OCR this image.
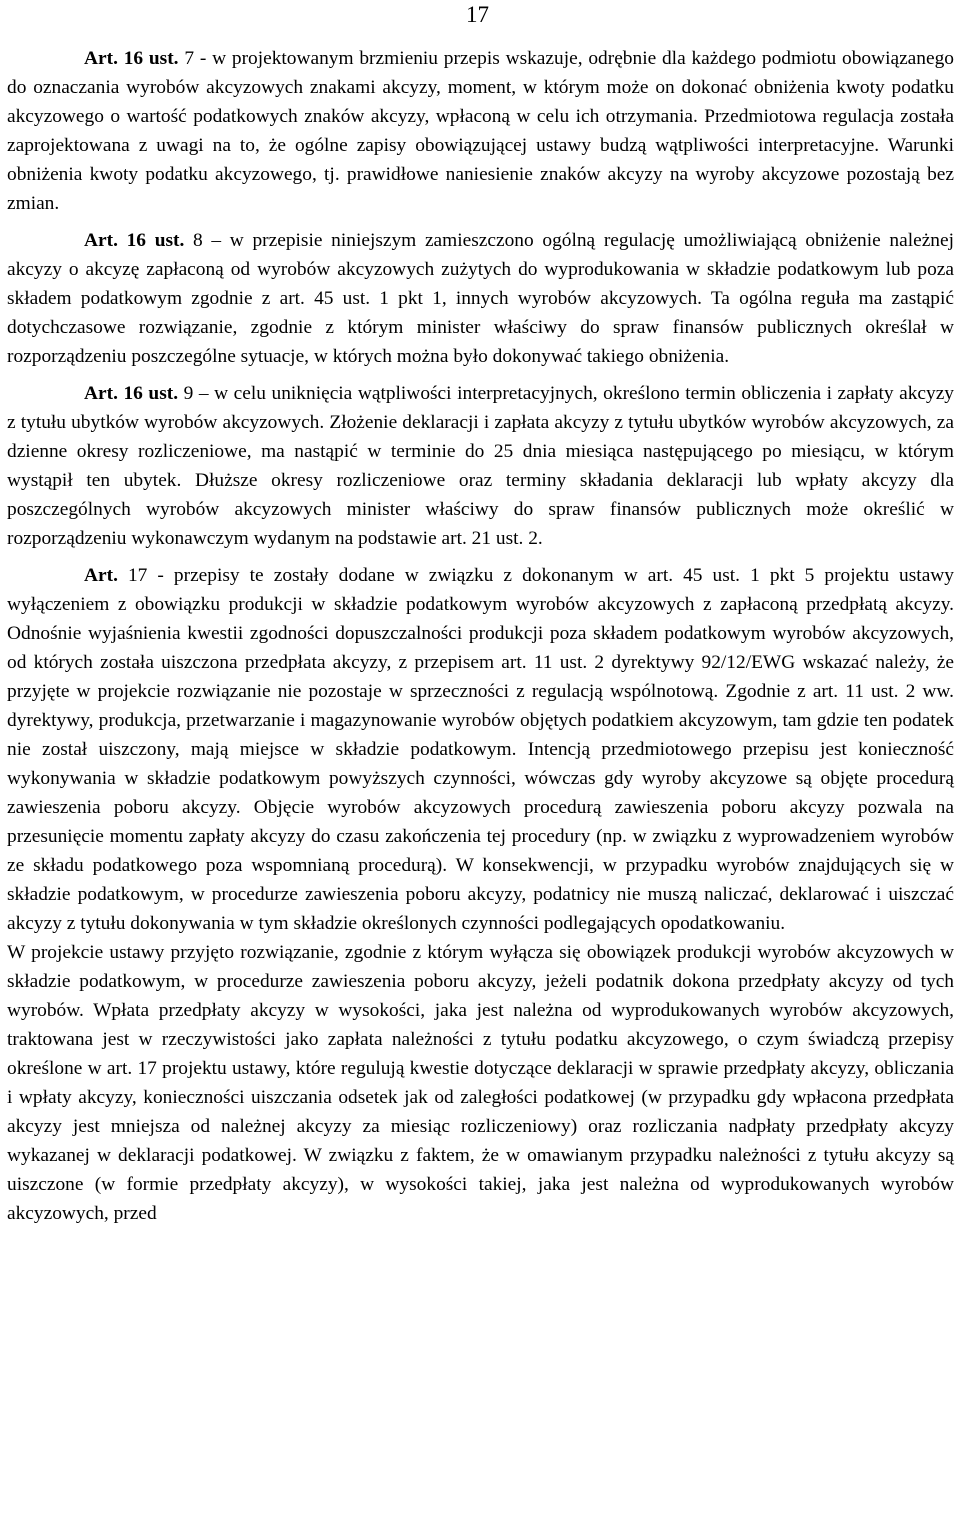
17

Art. 16 ust. 7 - w projektowanym brzmieniu przepis wskazuje, odrębnie dla każdego podmiotu obowiązanego do oznaczania wyrobów akcyzowych znakami akcyzy, moment, w którym może on dokonać obniżenia kwoty podatku akcyzowego o wartość podatkowych znaków akcyzy, wpłaconą w celu ich otrzymania. Przedmiotowa regulacja została zaprojektowana z uwagi na to, że ogólne zapisy obowiązującej ustawy budzą wątpliwości interpretacyjne. Warunki obniżenia kwoty podatku akcyzowego, tj. prawidłowe naniesienie znaków akcyzy na wyroby akcyzowe pozostają bez zmian.

Art. 16 ust. 8 – w przepisie niniejszym zamieszczono ogólną regulację umożliwiającą obniżenie należnej akcyzy o akcyzę zapłaconą od wyrobów akcyzowych zużytych do wyprodukowania w składzie podatkowym lub poza składem podatkowym zgodnie z art. 45 ust. 1 pkt 1, innych wyrobów akcyzowych. Ta ogólna reguła ma zastąpić dotychczasowe rozwiązanie, zgodnie z którym minister właściwy do spraw finansów publicznych określał w rozporządzeniu poszczególne sytuacje, w których można było dokonywać takiego obniżenia.

Art. 16 ust. 9 – w celu uniknięcia wątpliwości interpretacyjnych, określono termin obliczenia i zapłaty akcyzy z tytułu ubytków wyrobów akcyzowych. Złożenie deklaracji i zapłata akcyzy z tytułu ubytków wyrobów akcyzowych, za dzienne okresy rozliczeniowe, ma nastąpić w terminie do 25 dnia miesiąca następującego po miesiącu, w którym wystąpił ten ubytek. Dłuższe okresy rozliczeniowe oraz terminy składania deklaracji lub wpłaty akcyzy dla poszczególnych wyrobów akcyzowych minister właściwy do spraw finansów publicznych może określić w rozporządzeniu wykonawczym wydanym na podstawie art. 21 ust. 2.

Art. 17 - przepisy te zostały dodane w związku z dokonanym w art. 45 ust. 1 pkt 5 projektu ustawy wyłączeniem z obowiązku produkcji w składzie podatkowym wyrobów akcyzowych z zapłaconą przedpłatą akcyzy. Odnośnie wyjaśnienia kwestii zgodności dopuszczalności produkcji poza składem podatkowym wyrobów akcyzowych, od których została uiszczona przedpłata akcyzy, z przepisem art. 11 ust. 2 dyrektywy 92/12/EWG wskazać należy, że przyjęte w projekcie rozwiązanie nie pozostaje w sprzeczności z regulacją wspólnotową. Zgodnie z art. 11 ust. 2 ww. dyrektywy, produkcja, przetwarzanie i magazynowanie wyrobów objętych podatkiem akcyzowym, tam gdzie ten podatek nie został uiszczony, mają miejsce w składzie podatkowym. Intencją przedmiotowego przepisu jest konieczność wykonywania w składzie podatkowym powyższych czynności, wówczas gdy wyroby akcyzowe są objęte procedurą zawieszenia poboru akcyzy. Objęcie wyrobów akcyzowych procedurą zawieszenia poboru akcyzy pozwala na przesunięcie momentu zapłaty akcyzy do czasu zakończenia tej procedury (np. w związku z wyprowadzeniem wyrobów ze składu podatkowego poza wspomnianą procedurą). W konsekwencji, w przypadku wyrobów znajdujących się w składzie podatkowym, w procedurze zawieszenia poboru akcyzy, podatnicy nie muszą naliczać, deklarować i uiszczać akcyzy z tytułu dokonywania w tym składzie określonych czynności podlegających opodatkowaniu.

W projekcie ustawy przyjęto rozwiązanie, zgodnie z którym wyłącza się obowiązek produkcji wyrobów akcyzowych w składzie podatkowym, w procedurze zawieszenia poboru akcyzy, jeżeli podatnik dokona przedpłaty akcyzy od tych wyrobów. Wpłata przedpłaty akcyzy w wysokości, jaka jest należna od wyprodukowanych wyrobów akcyzowych, traktowana jest w rzeczywistości jako zapłata należności z tytułu podatku akcyzowego, o czym świadczą przepisy określone w art. 17 projektu ustawy, które regulują kwestie dotyczące deklaracji w sprawie przedpłaty akcyzy, obliczania i wpłaty akcyzy, konieczności uiszczania odsetek jak od zaległości podatkowej (w przypadku gdy wpłacona przedpłata akcyzy jest mniejsza od należnej akcyzy za miesiąc rozliczeniowy) oraz rozliczania nadpłaty przedpłaty akcyzy wykazanej w deklaracji podatkowej. W związku z faktem, że w omawianym przypadku należności z tytułu akcyzy są uiszczone (w formie przedpłaty akcyzy), w wysokości takiej, jaka jest należna od wyprodukowanych wyrobów akcyzowych, przed
